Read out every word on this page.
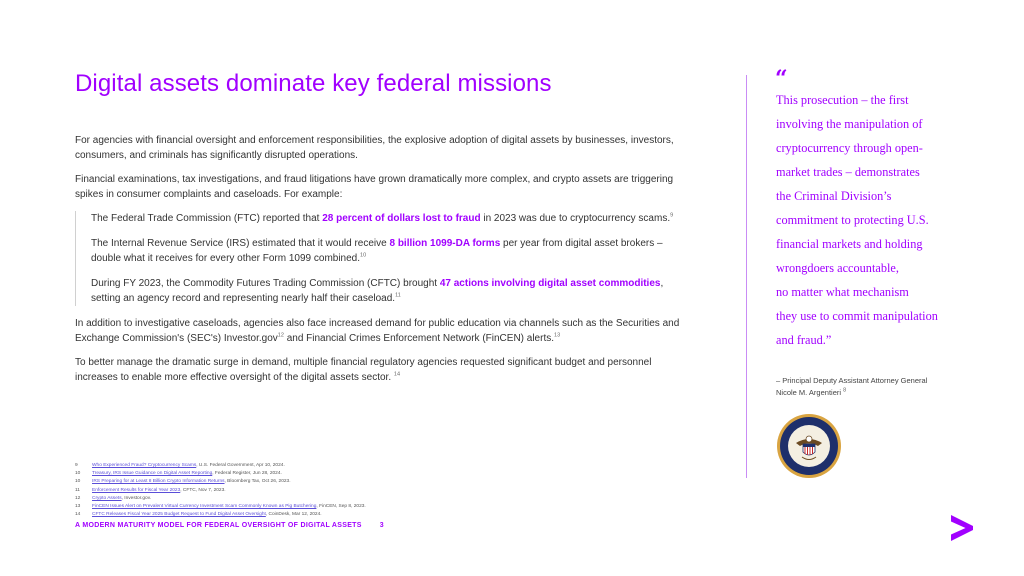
Digital assets dominate key federal missions

For agencies with financial oversight and enforcement responsibilities, the explosive adoption of digital assets by businesses, investors, consumers, and criminals has significantly disrupted operations.

Financial examinations, tax investigations, and fraud litigations have grown dramatically more complex, and crypto assets are triggering spikes in consumer complaints and caseloads. For example:

The Federal Trade Commission (FTC) reported that 28 percent of dollars lost to fraud in 2023 was due to cryptocurrency scams.$^9$

The Internal Revenue Service (IRS) estimated that it would receive 8 billion 1099-DA forms per year from digital asset brokers – double what it receives for every other Form 1099 combined.$^{10}$

During FY 2023, the Commodity Futures Trading Commission (CFTC) brought 47 actions involving digital asset commodities, setting an agency record and representing nearly half their caseload.$^{11}$

In addition to investigative caseloads, agencies also face increased demand for public education via channels such as the Securities and Exchange Commission's (SEC's) Investor.gov$^{12}$ and Financial Crimes Enforcement Network (FinCEN) alerts.$^{13}$

To better manage the dramatic surge in demand, multiple financial regulatory agencies requested significant budget and personnel increases to enable more effective oversight of the digital assets sector. $^{14}$

9	Who Experienced Fraud? Cryptocurrency Scams, U.S. Federal Government, Apr 10, 2024.
10 Treasury, IRS Issue Guidance on Digital Asset Reporting, Federal Register, Jun 28, 2024.
10 IRS Preparing for at Least 8 Billion Crypto Information Returns, Bloomberg Tax, Oct 26, 2023.
11	Enforcement Results for Fiscal Year 2023, CFTC, Nov 7, 2023.
12 Crypto Assets, Investor.gov.
13 FinCEN Issues Alert on Prevalent Virtual Currency Investment Scam Commonly Known as Pig Butchering, FinCEN, Sep 8, 2023.
14 CFTC Releases Fiscal Year 2025 Budget Request to Fund Digital Asset Oversight, CoinDesk, Mar 12, 2024.
A MODERN MATURITY MODEL FOR FEDERAL OVERSIGHT OF DIGITAL ASSETS	3
“
This prosecution – the first
involving the manipulation of
cryptocurrency through open-
market trades – demonstrates
the Criminal Division’s
commitment to protecting U.S.
financial markets and holding
wrongdoers accountable,
no matter what mechanism
they use to commit manipulation
and fraud.”
– Principal Deputy Assistant Attorney General
Nicole M. Argentieri $^8$
